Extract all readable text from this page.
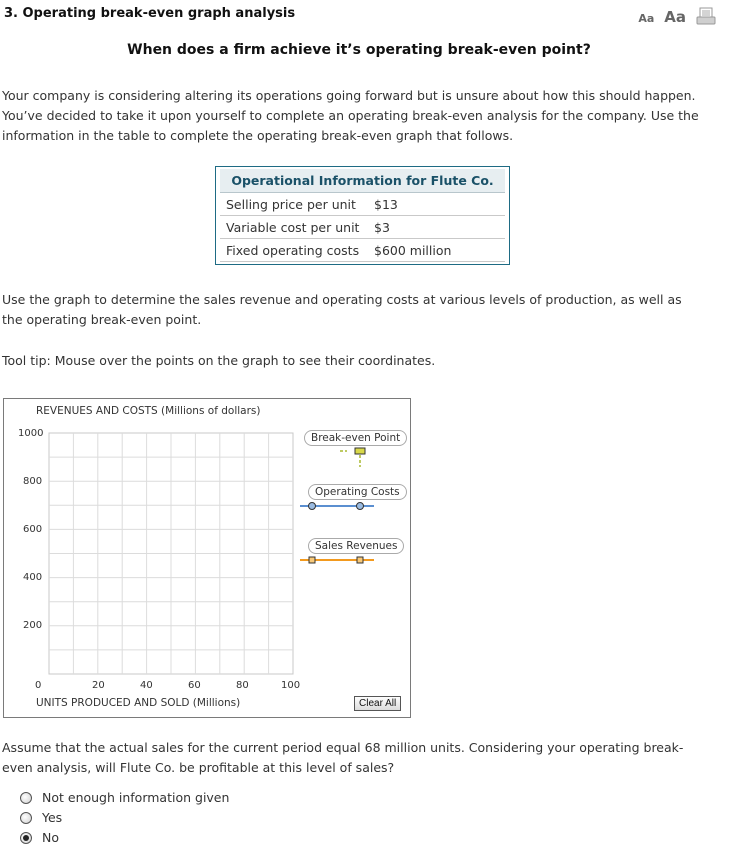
3. Operating break-even graph analysis	Aa Aa
When does a firm achieve it’s operating break-even point?
Your company is considering altering its operations going forward but is unsure about how this should happen. You’ve decided to take it upon yourself to complete an operating break-even analysis for the company. Use the information in the table to complete the operating break-even graph that follows.
Operational Information for Flute Co.
Selling price per unit	$13
Variable cost per unit	$3
Fixed operating costs	$600 million
Use the graph to determine the sales revenue and operating costs at various levels of production, as well as the operating break-even point.
Tool tip: Mouse over the points on the graph to see their coordinates.
REVENUES AND COSTS (Millions of dollars)
1000
800
600
400
200
0	20	40	60	80	100
UNITS PRODUCED AND SOLD (Millions)
Break-even Point
Operating Costs
Sales Revenues
Clear All
Assume that the actual sales for the current period equal 68 million units. Considering your operating break-even analysis, will Flute Co. be profitable at this level of sales?
Not enough information given
Yes
No
